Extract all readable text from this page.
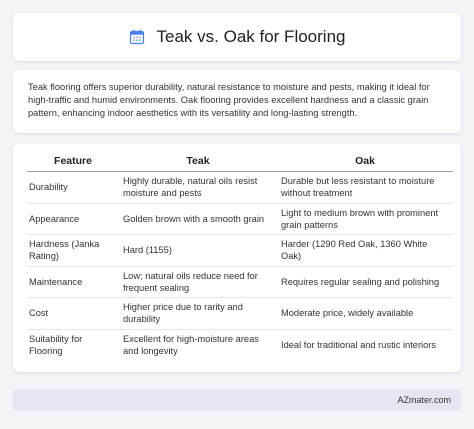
Teak vs. Oak for Flooring

Teak flooring offers superior durability, natural resistance to moisture and pests, making it ideal for high-traffic and humid environments. Oak flooring provides excellent hardness and a classic grain pattern, enhancing indoor aesthetics with its versatility and long-lasting strength.

Feature	Teak	Oak
Durability	Highly durable, natural oils resist moisture and pests	Durable but less resistant to moisture without treatment
Appearance	Golden brown with a smooth grain	Light to medium brown with prominent grain patterns
Hardness (Janka Rating)	Hard (1155)	Harder (1290 Red Oak, 1360 White Oak)
Maintenance	Low; natural oils reduce need for frequent sealing	Requires regular sealing and polishing
Cost	Higher price due to rarity and durability	Moderate price, widely available
Suitability for Flooring	Excellent for high-moisture areas and longevity	Ideal for traditional and rustic interiors
AZmater.com
